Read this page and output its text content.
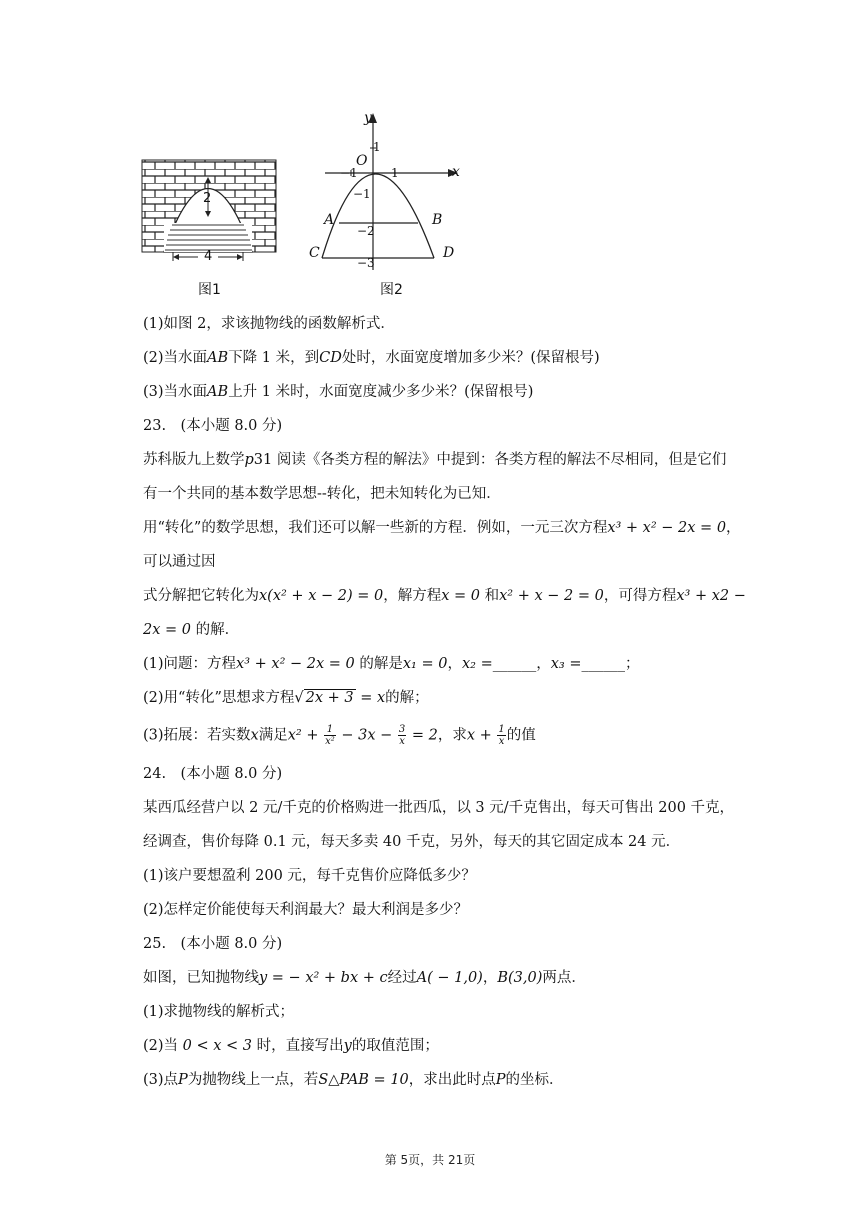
2
4
图1
y
x
O
1
−1	1
−1
−2
−3
A	B
C	D
图2
(1)如图 2，求该抛物线的函数解析式．
(2)当水面AB下降 1 米，到CD处时，水面宽度增加多少米？(保留根号)
(3)当水面AB上升 1 米时，水面宽度减少多少米？(保留根号)
23.　(本小题 8.0 分)
苏科版九上数学p31 阅读《各类方程的解法》中提到：各类方程的解法不尽相同，但是它们
有一个共同的基本数学思想--转化，把未知转化为已知．
用“转化”的数学思想，我们还可以解一些新的方程．例如，一元三次方程x³ + x² − 2x = 0，
可以通过因
式分解把它转化为x(x² + x − 2) = 0，解方程x = 0 和x² + x − 2 = 0，可得方程x³ + x2 −
2x = 0 的解．
(1)问题：方程x³ + x² − 2x = 0 的解是x₁ = 0，x₂ =______，x₃ =______；
(2)用“转化”思想求方程√ 2x + 3 = x的解；
(3)拓展：若实数x满足$x^2 + \frac{1}{\text{x²}} - 3x - \frac{3}{x} = 2$，求$x + \frac{1}{x}$ 的值
24.　(本小题 8.0 分)
某西瓜经营户以 2 元/千克的价格购进一批西瓜，以 3 元/千克售出，每天可售出 200 千克，
经调查，售价每降 0.1 元，每天多卖 40 千克，另外，每天的其它固定成本 24 元．
(1)该户要想盈利 200 元，每千克售价应降低多少？
(2)怎样定价能使每天利润最大？最大利润是多少？
25.　(本小题 8.0 分)
如图，已知抛物线y = − x² + bx + c经过A( − 1,0)，B(3,0)两点．
(1)求抛物线的解析式；
(2)当 0 < x < 3 时，直接写出y的取值范围；
(3)点P为抛物线上一点，若S△PAB = 10，求出此时点P的坐标．
第 5页，共 21页
